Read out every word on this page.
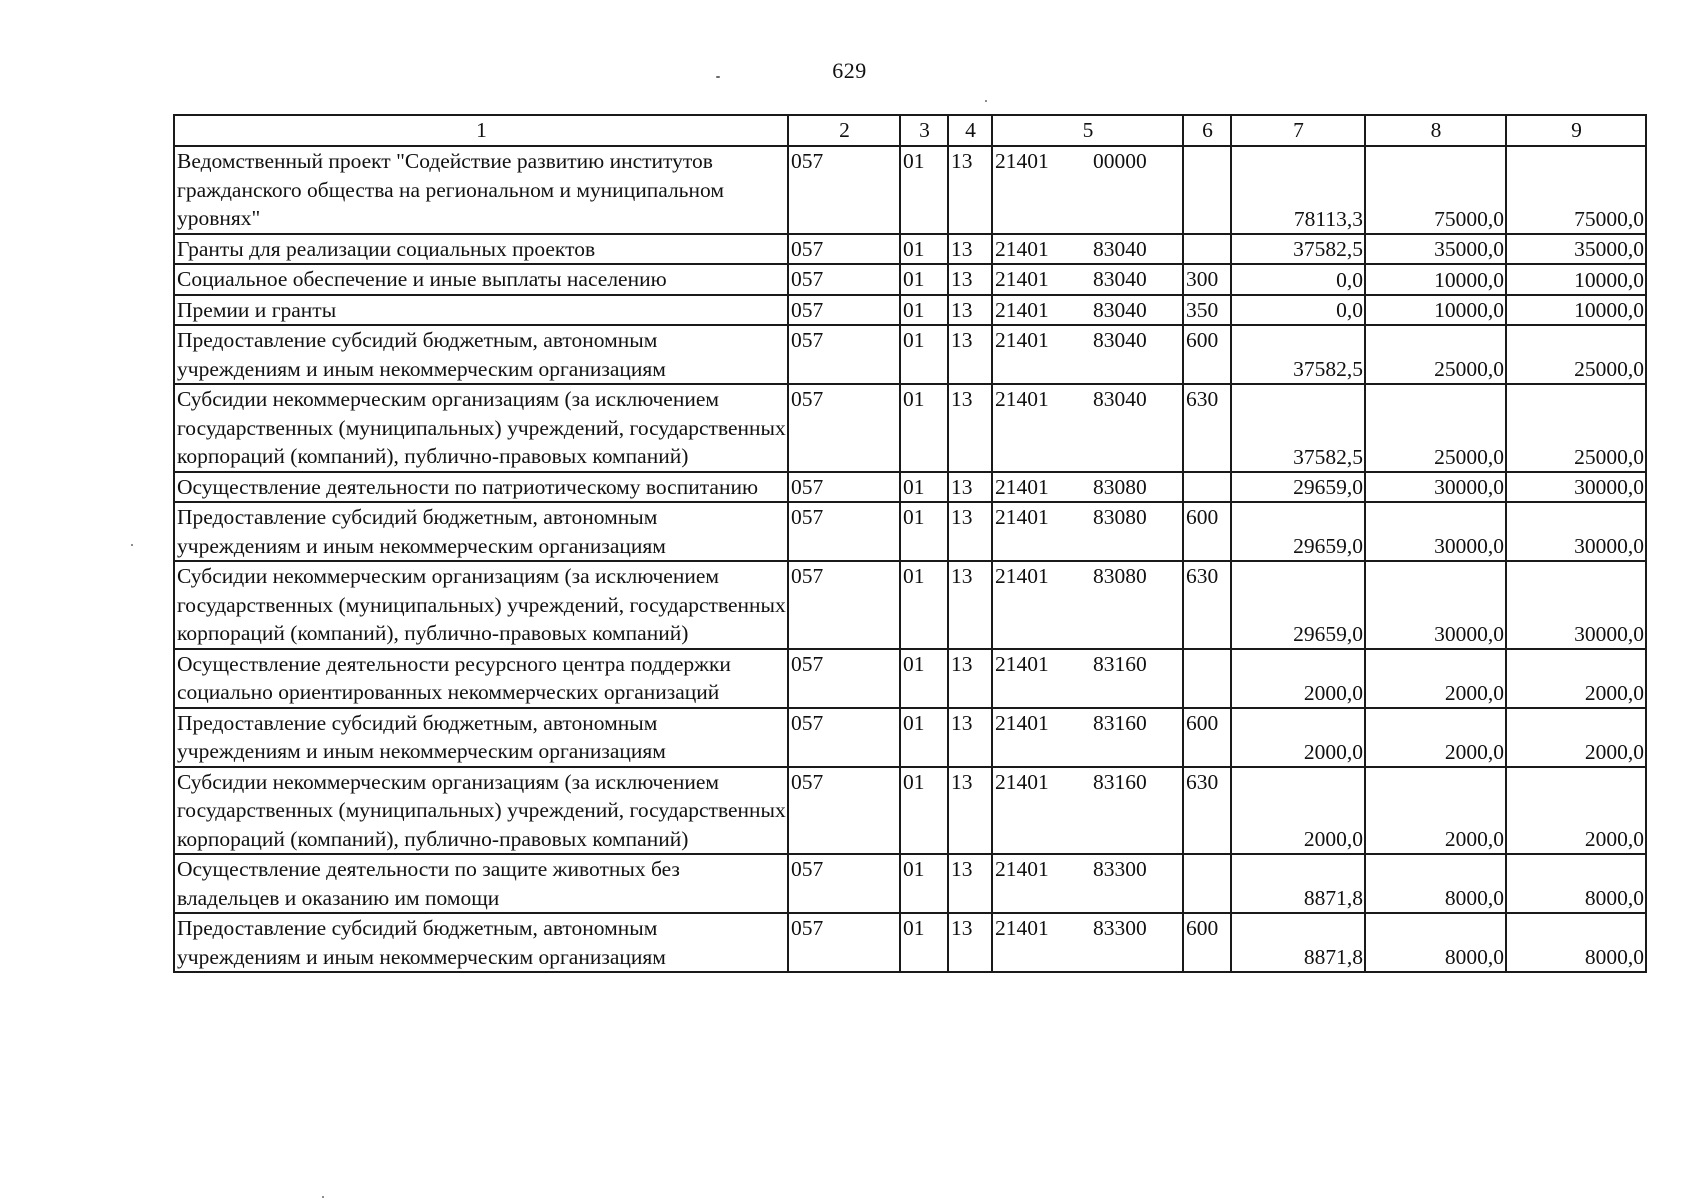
629
1	2	3	4	5	6	7	8	9
Ведомственный проект "Содействие развитию институтов гражданского общества на региональном и муниципальном уровнях"	057	01	13	21401 00000		78113,3	75000,0	75000,0
Гранты для реализации социальных проектов	057	01	13	21401 83040		37582,5	35000,0	35000,0
Социальное обеспечение и иные выплаты населению	057	01	13	21401 83040	300	0,0	10000,0	10000,0
Премии и гранты	057	01	13	21401 83040	350	0,0	10000,0	10000,0
Предоставление субсидий бюджетным, автономным учреждениям и иным некоммерческим организациям	057	01	13	21401 83040	600	37582,5	25000,0	25000,0
Субсидии некоммерческим организациям (за исключением государственных (муниципальных) учреждений, государственных корпораций (компаний), публично-правовых компаний)	057	01	13	21401 83040	630	37582,5	25000,0	25000,0
Осуществление деятельности по патриотическому воспитанию	057	01	13	21401 83080		29659,0	30000,0	30000,0
Предоставление субсидий бюджетным, автономным учреждениям и иным некоммерческим организациям	057	01	13	21401 83080	600	29659,0	30000,0	30000,0
Субсидии некоммерческим организациям (за исключением государственных (муниципальных) учреждений, государственных корпораций (компаний), публично-правовых компаний)	057	01	13	21401 83080	630	29659,0	30000,0	30000,0
Осуществление деятельности ресурсного центра поддержки социально ориентированных некоммерческих организаций	057	01	13	21401 83160		2000,0	2000,0	2000,0
Предоставление субсидий бюджетным, автономным учреждениям и иным некоммерческим организациям	057	01	13	21401 83160	600	2000,0	2000,0	2000,0
Субсидии некоммерческим организациям (за исключением государственных (муниципальных) учреждений, государственных корпораций (компаний), публично-правовых компаний)	057	01	13	21401 83160	630	2000,0	2000,0	2000,0
Осуществление деятельности по защите животных без владельцев и оказанию им помощи	057	01	13	21401 83300		8871,8	8000,0	8000,0
Предоставление субсидий бюджетным, автономным учреждениям и иным некоммерческим организациям	057	01	13	21401 83300	600	8871,8	8000,0	8000,0
